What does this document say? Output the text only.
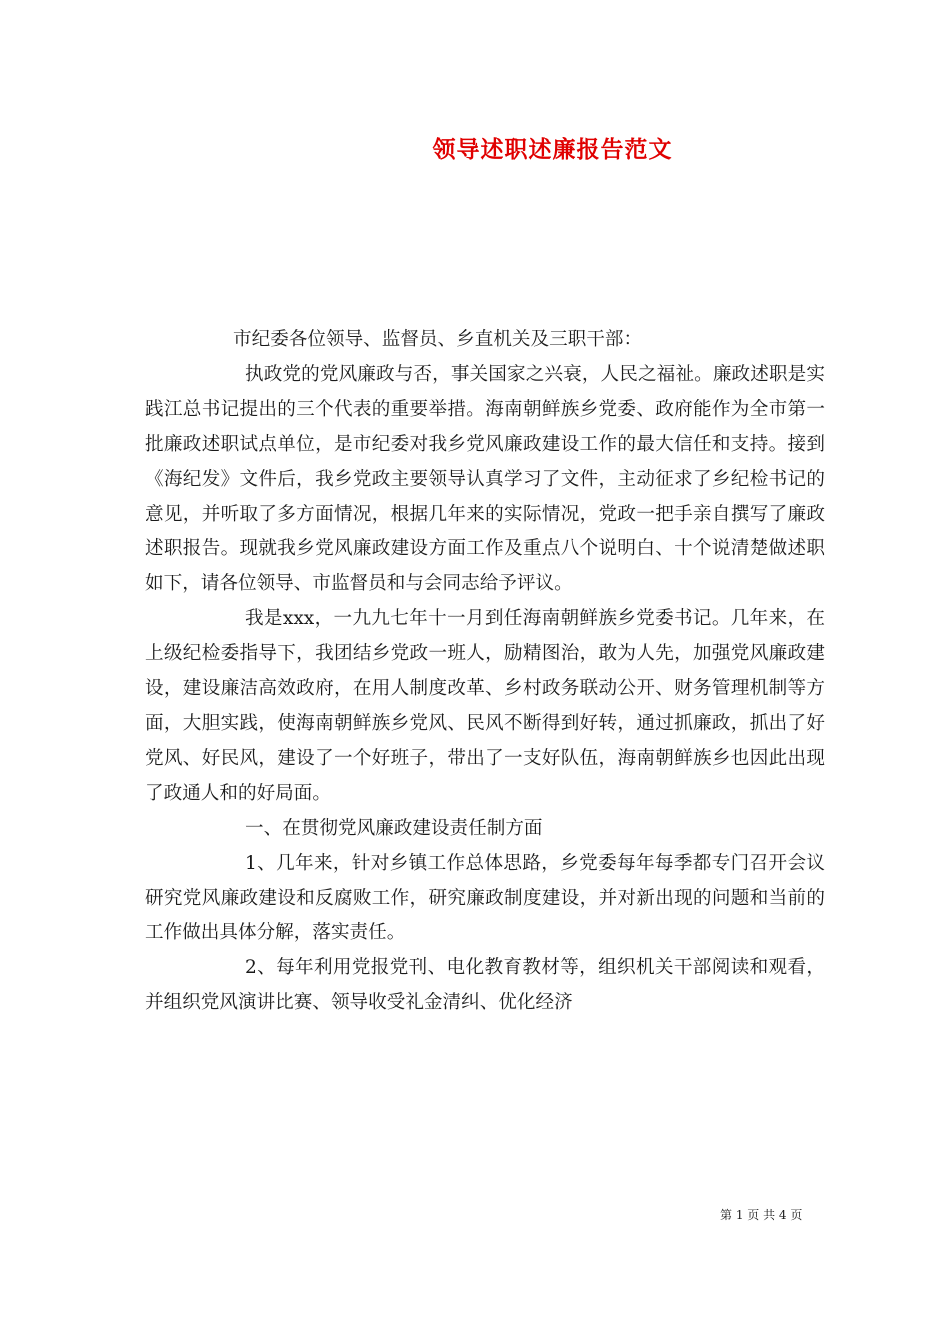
领导述职述廉报告范文

市纪委各位领导、监督员、乡直机关及三职干部：

执政党的党风廉政与否，事关国家之兴衰，人民之福祉。廉政述职是实践江总书记提出的三个代表的重要举措。海南朝鲜族乡党委、政府能作为全市第一批廉政述职试点单位，是市纪委对我乡党风廉政建设工作的最大信任和支持。接到《海纪发》文件后，我乡党政主要领导认真学习了文件，主动征求了乡纪检书记的意见，并听取了多方面情况，根据几年来的实际情况，党政一把手亲自撰写了廉政述职报告。现就我乡党风廉政建设方面工作及重点八个说明白、十个说清楚做述职如下，请各位领导、市监督员和与会同志给予评议。

我是xxx，一九九七年十一月到任海南朝鲜族乡党委书记。几年来，在上级纪检委指导下，我团结乡党政一班人，励精图治，敢为人先，加强党风廉政建设，建设廉洁高效政府，在用人制度改革、乡村政务联动公开、财务管理机制等方面，大胆实践，使海南朝鲜族乡党风、民风不断得到好转，通过抓廉政，抓出了好党风、好民风，建设了一个好班子，带出了一支好队伍，海南朝鲜族乡也因此出现了政通人和的好局面。

一、在贯彻党风廉政建设责任制方面

1、几年来，针对乡镇工作总体思路，乡党委每年每季都专门召开会议研究党风廉政建设和反腐败工作，研究廉政制度建设，并对新出现的问题和当前的工作做出具体分解，落实责任。

2、每年利用党报党刊、电化教育教材等，组织机关干部阅读和观看，并组织党风演讲比赛、领导收受礼金清纠、优化经济

第 1 页 共 4 页
